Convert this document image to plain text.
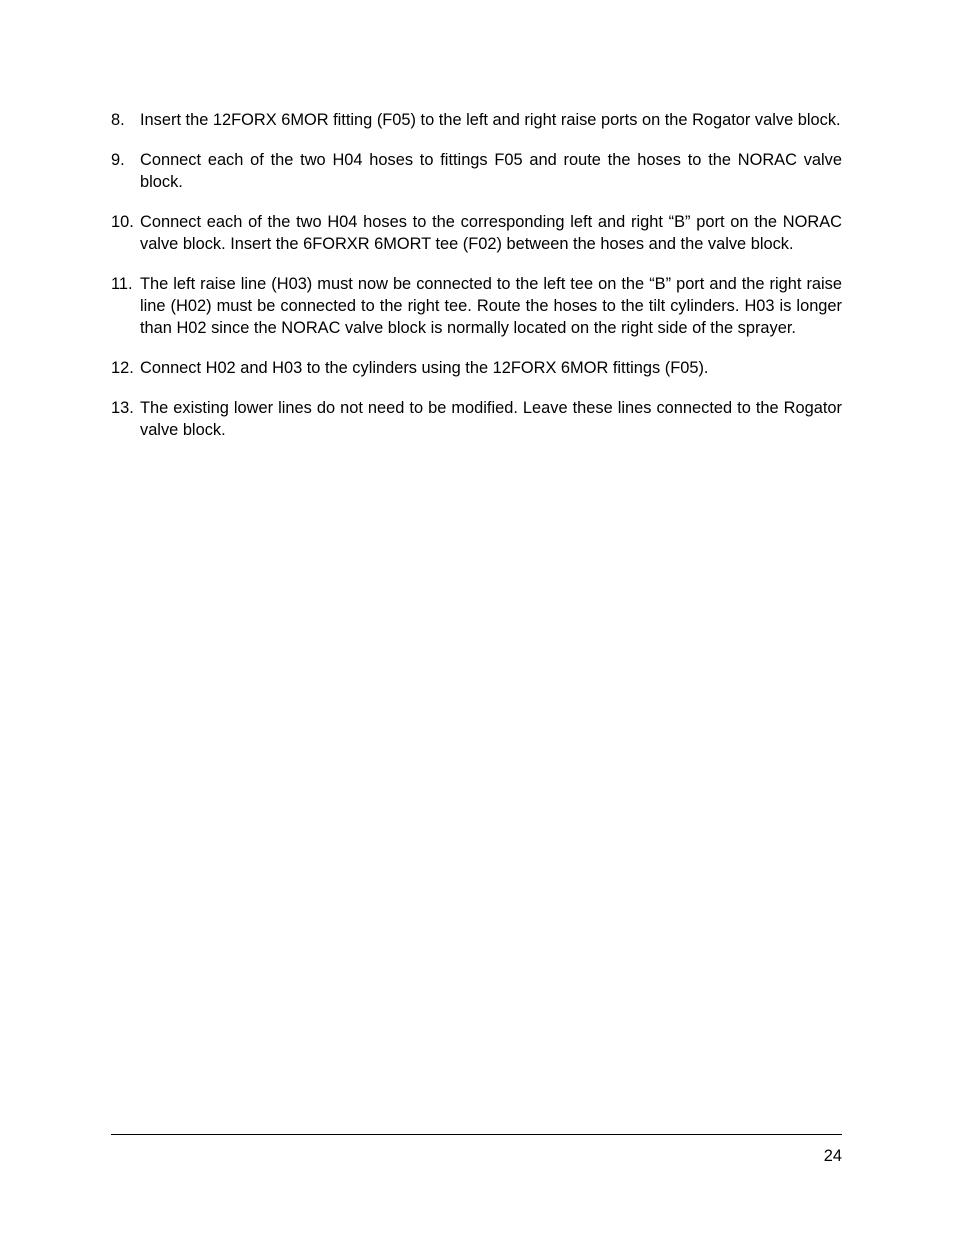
8. Insert the 12FORX 6MOR fitting (F05) to the left and right raise ports on the Rogator valve block.
9. Connect each of the two H04 hoses to fittings F05 and route the hoses to the NORAC valve block.
10. Connect each of the two H04 hoses to the corresponding left and right “B” port on the NORAC valve block. Insert the 6FORXR 6MORT tee (F02) between the hoses and the valve block.
11. The left raise line (H03) must now be connected to the left tee on the “B” port and the right raise line (H02) must be connected to the right tee. Route the hoses to the tilt cylinders. H03 is longer than H02 since the NORAC valve block is normally located on the right side of the sprayer.
12. Connect H02 and H03 to the cylinders using the 12FORX 6MOR fittings (F05).
13. The existing lower lines do not need to be modified. Leave these lines connected to the Rogator valve block.
24
